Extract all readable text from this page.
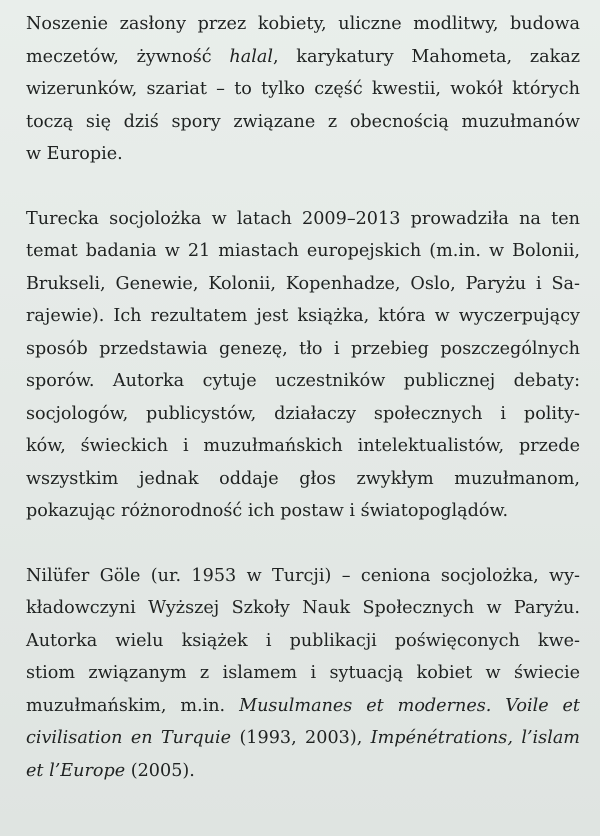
Noszenie zasłony przez kobiety, uliczne modlitwy, budowa
meczetów, żywność halal, karykatury Mahometa, zakaz
wizerunków, szariat – to tylko część kwestii, wokół których
toczą się dziś spory związane z obecnością muzułmanów
w Europie.

Turecka socjolożka w latach 2009–2013 prowadziła na ten
temat badania w 21 miastach europejskich (m.in. w Bolonii,
Brukseli, Genewie, Kolonii, Kopenhadze, Oslo, Paryżu i Sa-
rajewie). Ich rezultatem jest książka, która w wyczerpujący
sposób przedstawia genezę, tło i przebieg poszczególnych
sporów. Autorka cytuje uczestników publicznej debaty:
socjologów, publicystów, działaczy społecznych i polity-
ków, świeckich i muzułmańskich intelektualistów, przede
wszystkim jednak oddaje głos zwykłym muzułmanom,
pokazując różnorodność ich postaw i światopoglądów.

Nilüfer Göle (ur. 1953 w Turcji) – ceniona socjolożka, wy-
kładowczyni Wyższej Szkoły Nauk Społecznych w Paryżu.
Autorka wielu książek i publikacji poświęconych kwe-
stiom związanym z islamem i sytuacją kobiet w świecie
muzułmańskim, m.in. Musulmanes et modernes. Voile et
civilisation en Turquie (1993, 2003), Impénétrations, l’islam
et l’Europe (2005).
